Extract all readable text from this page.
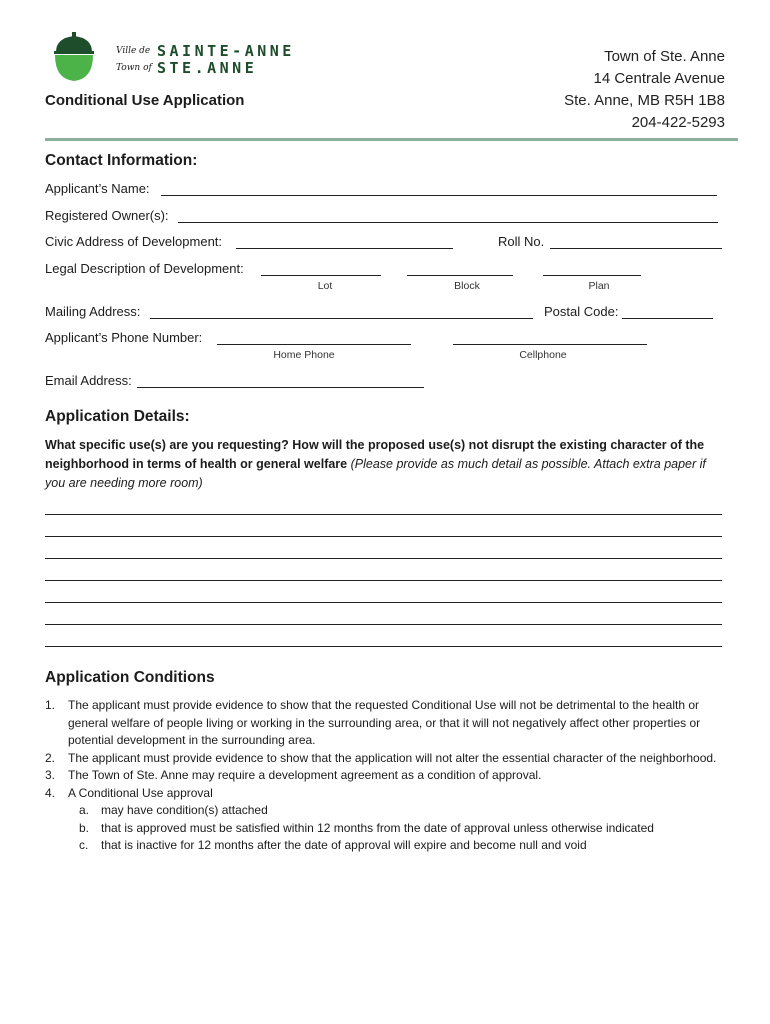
Ville de
Town of
SAINTE-ANNE
STE.ANNE
Conditional Use Application
Town of Ste. Anne
14 Centrale Avenue
Ste. Anne, MB R5H 1B8
204-422-5293
Contact Information:
Applicant’s Name:
Registered Owner(s):
Civic Address of Development:	Roll No.
Legal Description of Development:
Lot	Block	Plan
Mailing Address:	Postal Code:
Applicant’s Phone Number:
Home Phone	Cellphone
Email Address:
Application Details:
What specific use(s) are you requesting? How will the proposed use(s) not disrupt the existing character of the neighborhood in terms of health or general welfare (Please provide as much detail as possible. Attach extra paper if you are needing more room)
Application Conditions
1.	The applicant must provide evidence to show that the requested Conditional Use will not be detrimental to the health or general welfare of people living or working in the surrounding area, or that it will not negatively affect other properties or potential development in the surrounding area.
2.	The applicant must provide evidence to show that the application will not alter the essential character of the neighborhood.
3.	The Town of Ste. Anne may require a development agreement as a condition of approval.
4.	A Conditional Use approval
a. may have condition(s) attached
b. that is approved must be satisfied within 12 months from the date of approval unless otherwise indicated
c.	that is inactive for 12 months after the date of approval will expire and become null and void
